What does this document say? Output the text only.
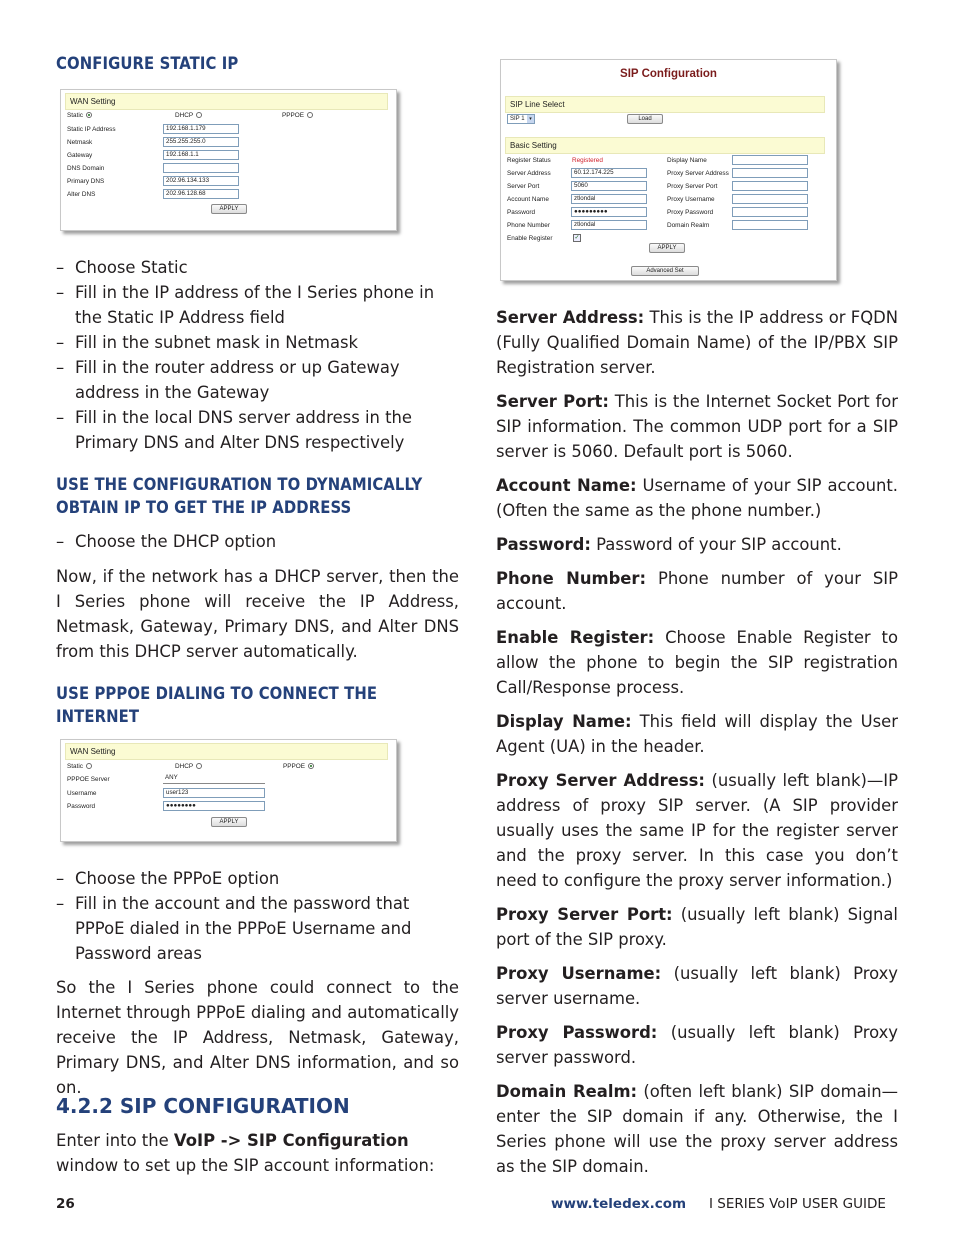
CONFIGURE STATIC IP
WAN Setting
Static	DHCP	PPPOE
Static IP Address	192.168.1.179
Netmask	255.255.255.0
Gateway	192.168.1.1
DNS Domain
Primary DNS	202.96.134.133
Alter DNS	202.96.128.68
APPLY
– Choose Static
– Fill in the IP address of the I Series phone in the Static IP Address field
– Fill in the subnet mask in Netmask
– Fill in the router address or up Gateway address in the Gateway
– Fill in the local DNS server address in the Primary DNS and Alter DNS respectively
USE THE CONFIGURATION TO DYNAMICALLY OBTAIN IP TO GET THE IP ADDRESS
– Choose the DHCP option

Now, if the network has a DHCP server, then the I Series phone will receive the IP Address, Netmask, Gateway, Primary DNS, and Alter DNS from this DHCP server automatically.

USE PPPOE DIALING TO CONNECT THE INTERNET
WAN Setting
Static	DHCP	PPPOE
PPPOE Server	ANY
Username	user123
Password	●●●●●●●●
APPLY
– Choose the PPPoE option
– Fill in the account and the password that PPPoE dialed in the PPPoE Username and Password areas

So the I Series phone could connect to the Internet through PPPoE dialing and automatically receive the IP Address, Netmask, Gateway, Primary DNS, and Alter DNS information, and so on.

4.2.2 SIP CONFIGURATION

Enter into the VoIP -> SIP Configuration window to set up the SIP account information:

SIP Configuration
SIP Line Select
SIP 1 ▾	Load
Basic Setting
Register Status	Registered
Server Address	60.12.174.225
Server Port	5060
Account Name	ztlondal
Password	●●●●●●●●●
Phone Number	ztlondal
Enable Register	✓
Display Name
Proxy Server Address
Proxy Server Port
Proxy Username
Proxy Password
Domain Realm
APPLY
Advanced Set

Server Address: This is the IP address or FQDN (Fully Qualified Domain Name) of the IP/PBX SIP Registration server.

Server Port: This is the Internet Socket Port for SIP information. The common UDP port for a SIP server is 5060. Default port is 5060.

Account Name: Username of your SIP account. (Often the same as the phone number.)

Password: Password of your SIP account.

Phone Number: Phone number of your SIP account.

Enable Register: Choose Enable Register to allow the phone to begin the SIP registration Call/Response process.

Display Name: This field will display the User Agent (UA) in the header.

Proxy Server Address: (usually left blank)—IP address of proxy SIP server. (A SIP provider usually uses the same IP for the register server and the proxy server. In this case you don’t need to configure the proxy server information.)

Proxy Server Port: (usually left blank) Signal port of the SIP proxy.

Proxy Username: (usually left blank) Proxy server username.

Proxy Password: (usually left blank) Proxy server password.

Domain Realm: (often left blank) SIP domain—enter the SIP domain if any. Otherwise, the I Series phone will use the proxy server address as the SIP domain.

26	www.teledex.com I SERIES VoIP USER GUIDE
